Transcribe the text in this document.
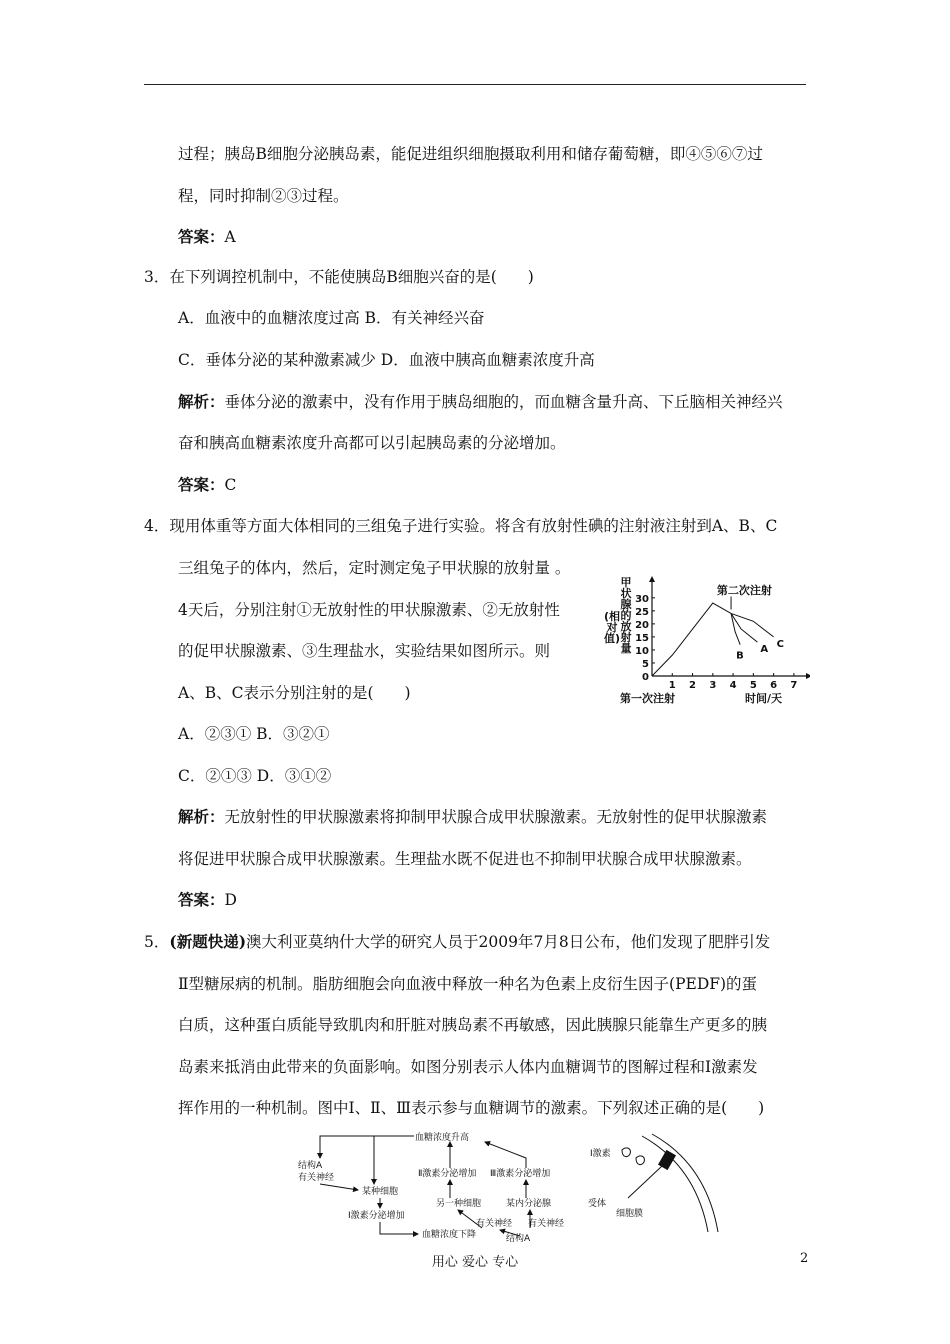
过程；胰岛B细胞分泌胰岛素，能促进组织细胞摄取利用和储存葡萄糖，即④⑤⑥⑦过
程，同时抑制②③过程。
答案：A
3．在下列调控机制中，不能使胰岛B细胞兴奋的是(　　)
A．血液中的血糖浓度过高 B．有关神经兴奋
C．垂体分泌的某种激素减少 D．血液中胰高血糖素浓度升高
解析：垂体分泌的激素中，没有作用于胰岛细胞的，而血糖含量升高、下丘脑相关神经兴
奋和胰高血糖素浓度升高都可以引起胰岛素的分泌增加。
答案：C
4．现用体重等方面大体相同的三组兔子进行实验。将含有放射性碘的注射液注射到A、B、C
三组兔子的体内，然后，定时测定兔子甲状腺的放射量 。
4天后，分别注射①无放射性的甲状腺激素、②无放射性
的促甲状腺激素、③生理盐水，实验结果如图所示。则
A、B、C表示分别注射的是(　　)
A．②③① B．③②①
C．②①③ D．③①②
解析：无放射性的甲状腺激素将抑制甲状腺合成甲状腺激素。无放射性的促甲状腺激素
将促进甲状腺合成甲状腺激素。生理盐水既不促进也不抑制甲状腺合成甲状腺激素。
答案：D
5．(新题快递)澳大利亚莫纳什大学的研究人员于2009年7月8日公布，他们发现了肥胖引发
Ⅱ型糖尿病的机制。脂肪细胞会向血液中释放一种名为色素上皮衍生因子(PEDF)的蛋
白质，这种蛋白质能导致肌肉和肝脏对胰岛素不再敏感，因此胰腺只能靠生产更多的胰
岛素来抵消由此带来的负面影响。如图分别表示人体内血糖调节的图解过程和Ⅰ激素发
挥作用的一种机制。图中Ⅰ、Ⅱ、Ⅲ表示参与血糖调节的激素。下列叙述正确的是(　　)
甲状腺的放射量
(相对值)
0
5
10
15
20
25
30
1 2 3 4 5 6 7
B
A C
第二次注射
第一次注射	时间/天
血糖浓度升高
结构A
有关神经
某种细胞
Ⅰ激素分泌增加
Ⅱ激素分泌增加 Ⅲ激素分泌增加
另一种细胞	某内分泌腺
有关神经 有关神经
血糖浓度下降	结构A
Ⅰ激素
受体
细胞膜
用心 爱心 专心	2
